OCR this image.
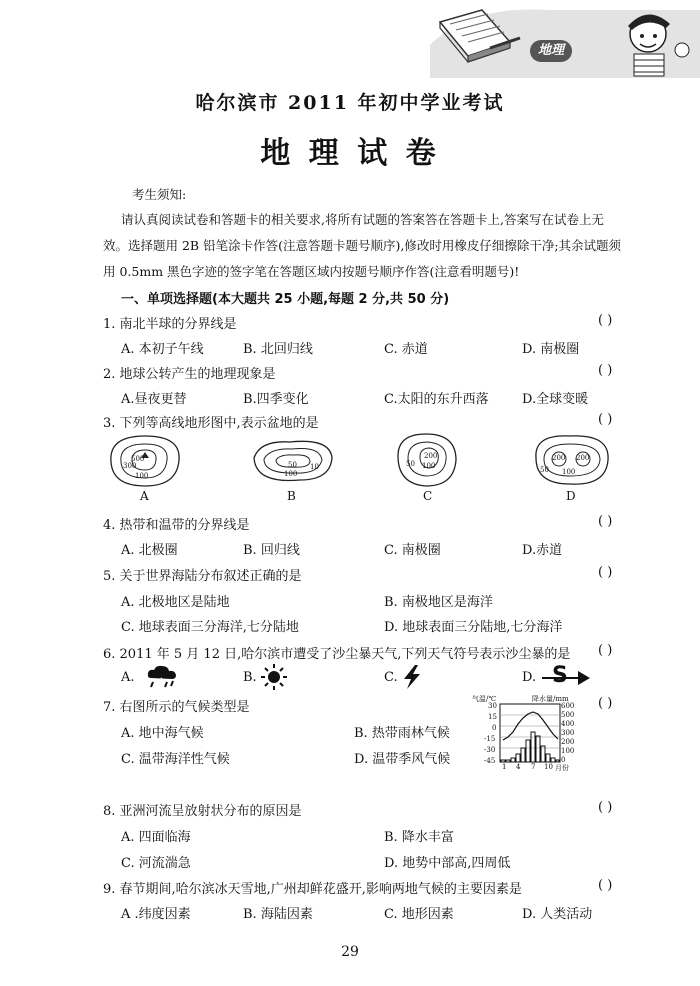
地理
哈尔滨市 2011 年初中学业考试
地 理 试 卷
考生须知:
请认真阅读试卷和答题卡的相关要求,将所有试题的答案答在答题卡上,答案写在试卷上无
效。选择题用 2B 铅笔涂卡作答(注意答题卡题号顺序),修改时用橡皮仔细擦除干净;其余试题须
用 0.5mm 黑色字迹的签字笔在答题区域内按题号顺序作答(注意看明题号)!
一、单项选择题(本大题共 25 小题,每题 2 分,共 50 分)
1. 南北半球的分界线是	( )
A. 本初子午线	B. 北回归线	C. 赤道	D. 南极圈
2. 地球公转产生的地理现象是	( )
A.昼夜更替	B.四季变化	C.太阳的东升西落	D.全球变暖
3. 下列等高线地形图中,表示盆地的是	( )
500
300
100	100
50 10
200
100
50
200 200
100
50
A	B	C	D
4. 热带和温带的分界线是	( )
A. 北极圈	B. 回归线	C. 南极圈	D.赤道
5. 关于世界海陆分布叙述正确的是	( )
A. 北极地区是陆地	B. 南极地区是海洋
C. 地球表面三分海洋,七分陆地	D. 地球表面三分陆地,七分海洋
6. 2011 年 5 月 12 日,哈尔滨市遭受了沙尘暴天气,下列天气符号表示沙尘暴的是 ( )
A.	B.	C.	D. S
7. 右图所示的气候类型是	( )
A. 地中海气候	B. 热带雨林气候
C. 温带海洋性气候	D. 温带季风气候
气温/℃	降水量/mm
30
15
0
-15
-30
-45
600
500
400
300
200
100
0
1 4 7 10 月份
8. 亚洲河流呈放射状分布的原因是	( )
A. 四面临海	B. 降水丰富
C. 河流湍急	D. 地势中部高,四周低
9. 春节期间,哈尔滨冰天雪地,广州却鲜花盛开,影响两地气候的主要因素是	( )
A .纬度因素	B. 海陆因素	C. 地形因素	D. 人类活动
29
